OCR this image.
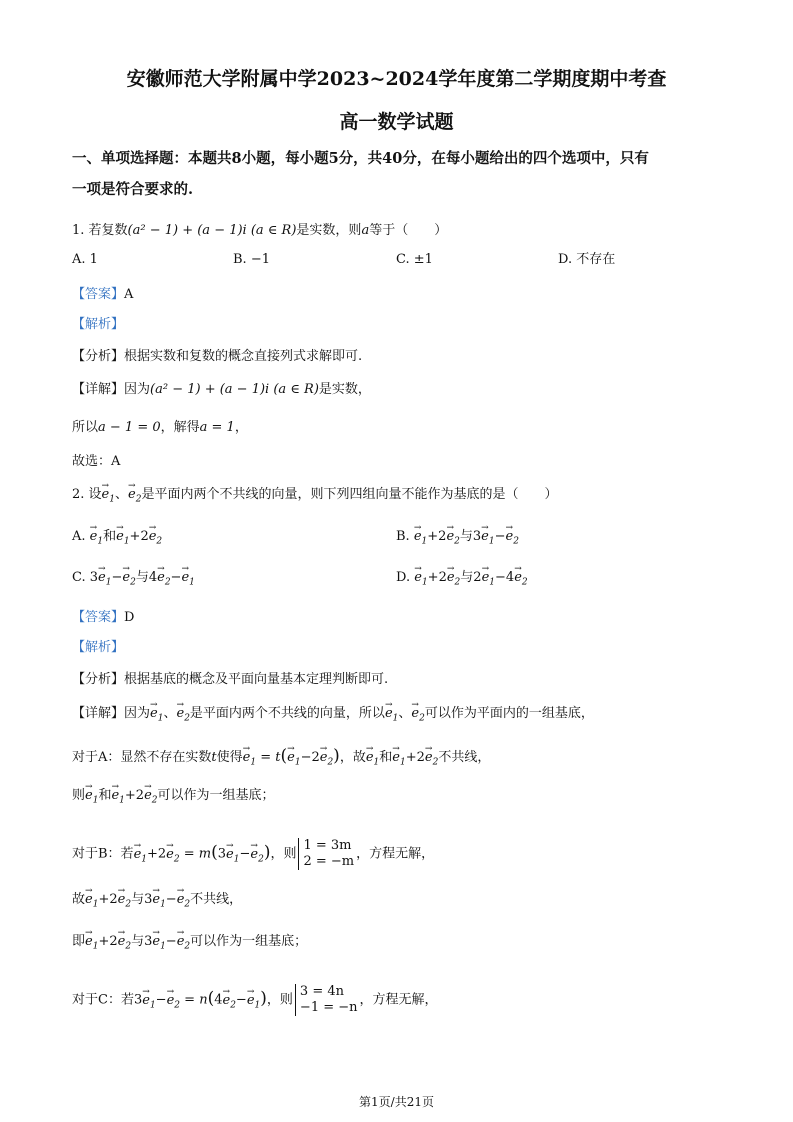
安徽师范大学附属中学2023~2024学年度第二学期度期中考查
高一数学试题
一、单项选择题：本题共8小题，每小题5分，共40分，在每小题给出的四个选项中，只有
一项是符合要求的.
1. 若复数(a² − 1) + (a − 1)i (a ∈ R)是实数，则a等于（　　）
A. 1	B. −1	C. ±1	D. 不存在
【答案】A
【解析】
【分析】根据实数和复数的概念直接列式求解即可.
【详解】因为(a² − 1) + (a − 1)i (a ∈ R)是实数，
所以a − 1 = 0，解得a = 1，
故选：A
2. 设→ $e_1$、→ $e_2$是平面内两个不共线的向量，则下列四组向量不能作为基底的是（　　）
A. → $e_1$和→ $e_1+2\to e_2$	B. → $e_1+2\to e_2$与$3\to e_1-\to e_2$
C. $3\to e_1-\to e_2$与$4\to e_2-\to e_1$	D. → $e_1+2\to e_2$与$2\to e_1-4\to e_2$
【答案】D
【解析】
【分析】根据基底的概念及平面向量基本定理判断即可.
【详解】因为→ $e_1$、→ $e_2$是平面内两个不共线的向量，所以→ $e_1$、→ $e_2$可以作为平面内的一组基底，
对于A：显然不存在实数t使得→ $e_1 = t(\to e_1-2\to e_2)$，故→ $e_1$和→ $e_1+2\to e_2$不共线，
则→ $e_1$和→ $e_1+2\to e_2$可以作为一组基底；
对于B：若→ $e_1+2\to e_2 = m(3\to e_1-\to e_2)$，则
1 = 3m
2 = −m ，方程无解，
故→ $e_1+2\to e_2$与$3\to e_1-\to e_2$不共线，
即→ $e_1+2\to e_2$与$3\to e_1-\to e_2$可以作为一组基底；
对于C：若$3\to e_1-\to e_2 = n(4\to e_2-\to e_1)$，则
3 = 4n
−1 = −n ，方程无解，
第1页/共21页
